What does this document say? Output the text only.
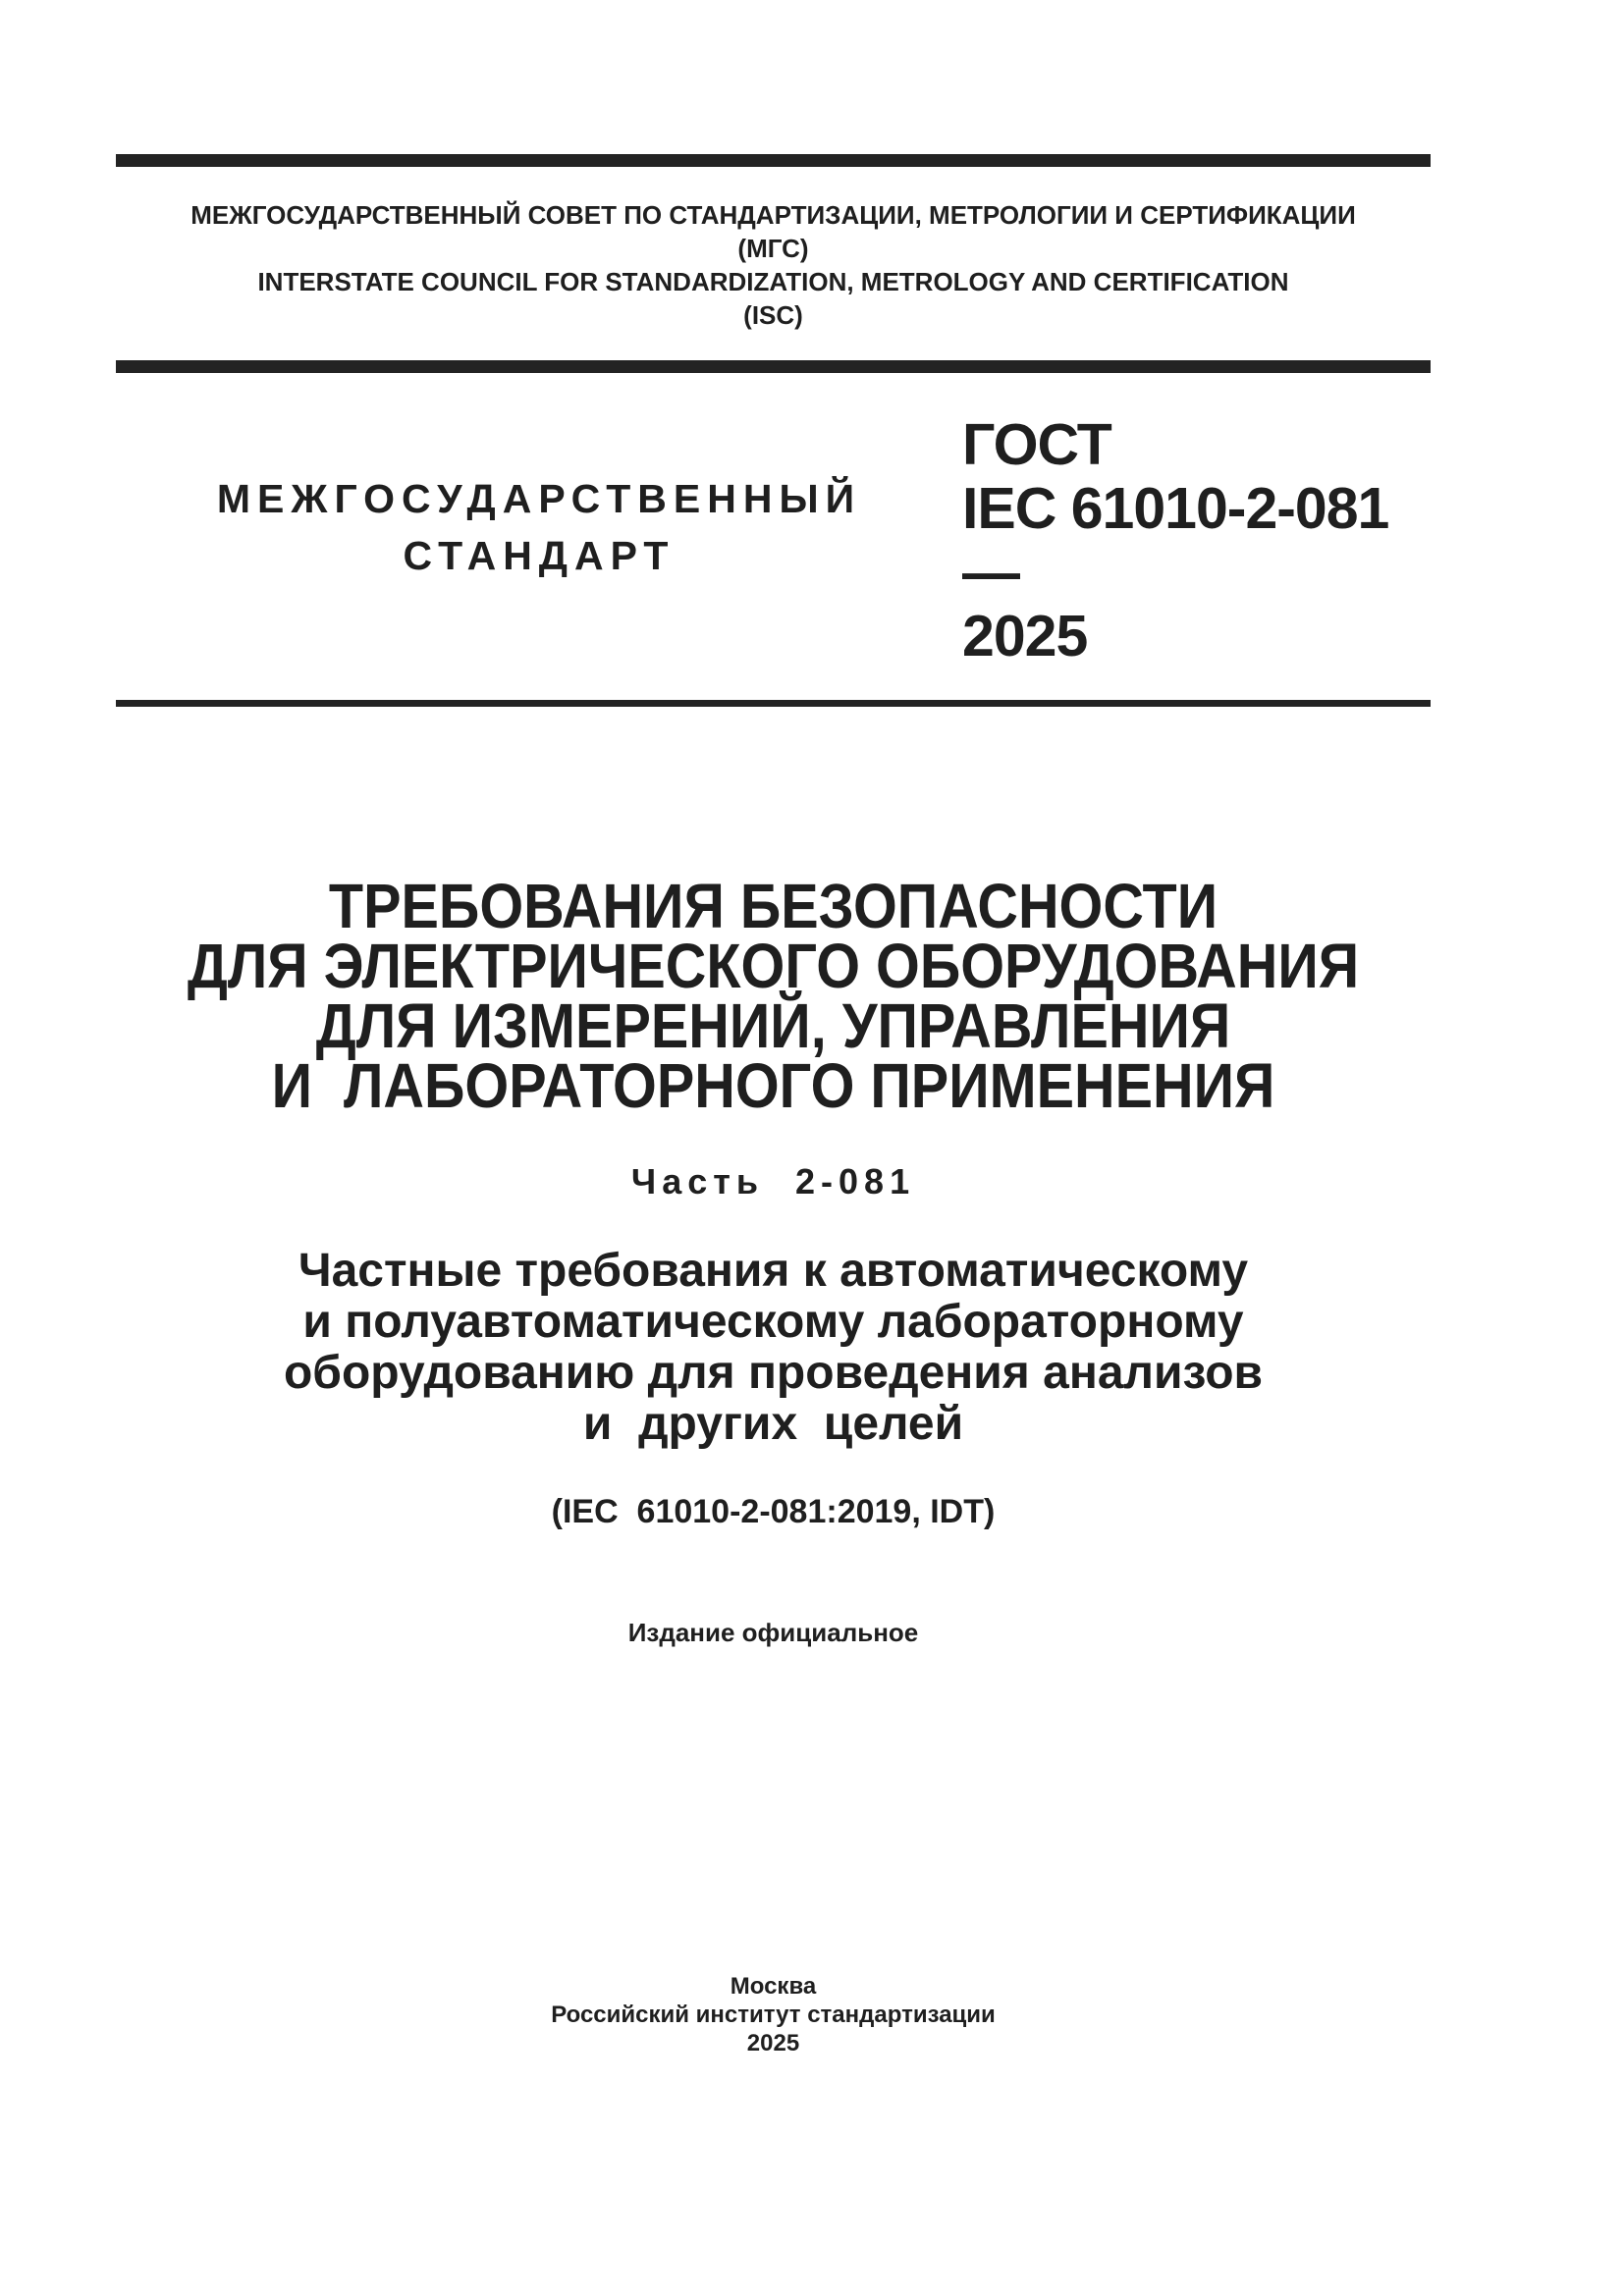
МЕЖГОСУДАРСТВЕННЫЙ СОВЕТ ПО СТАНДАРТИЗАЦИИ, МЕТРОЛОГИИ И СЕРТИФИКАЦИИ
(МГС)
INTERSTATE COUNCIL FOR STANDARDIZATION, METROLOGY AND CERTIFICATION
(ISC)
МЕЖГОСУДАРСТВЕННЫЙ
СТАНДАРТ
ГОСТ
IEC 61010-2-081—
2025
ТРЕБОВАНИЯ БЕЗОПАСНОСТИ
ДЛЯ ЭЛЕКТРИЧЕСКОГО ОБОРУДОВАНИЯ
ДЛЯ ИЗМЕРЕНИЙ, УПРАВЛЕНИЯ
И  ЛАБОРАТОРНОГО ПРИМЕНЕНИЯ
Часть  2-081
Частные требования к автоматическому
и полуавтоматическому лабораторному
оборудованию для проведения анализов
и  других  целей
(IEC  61010-2-081:2019, IDT)
Издание официальное
Москва
Российский институт стандартизации
2025
